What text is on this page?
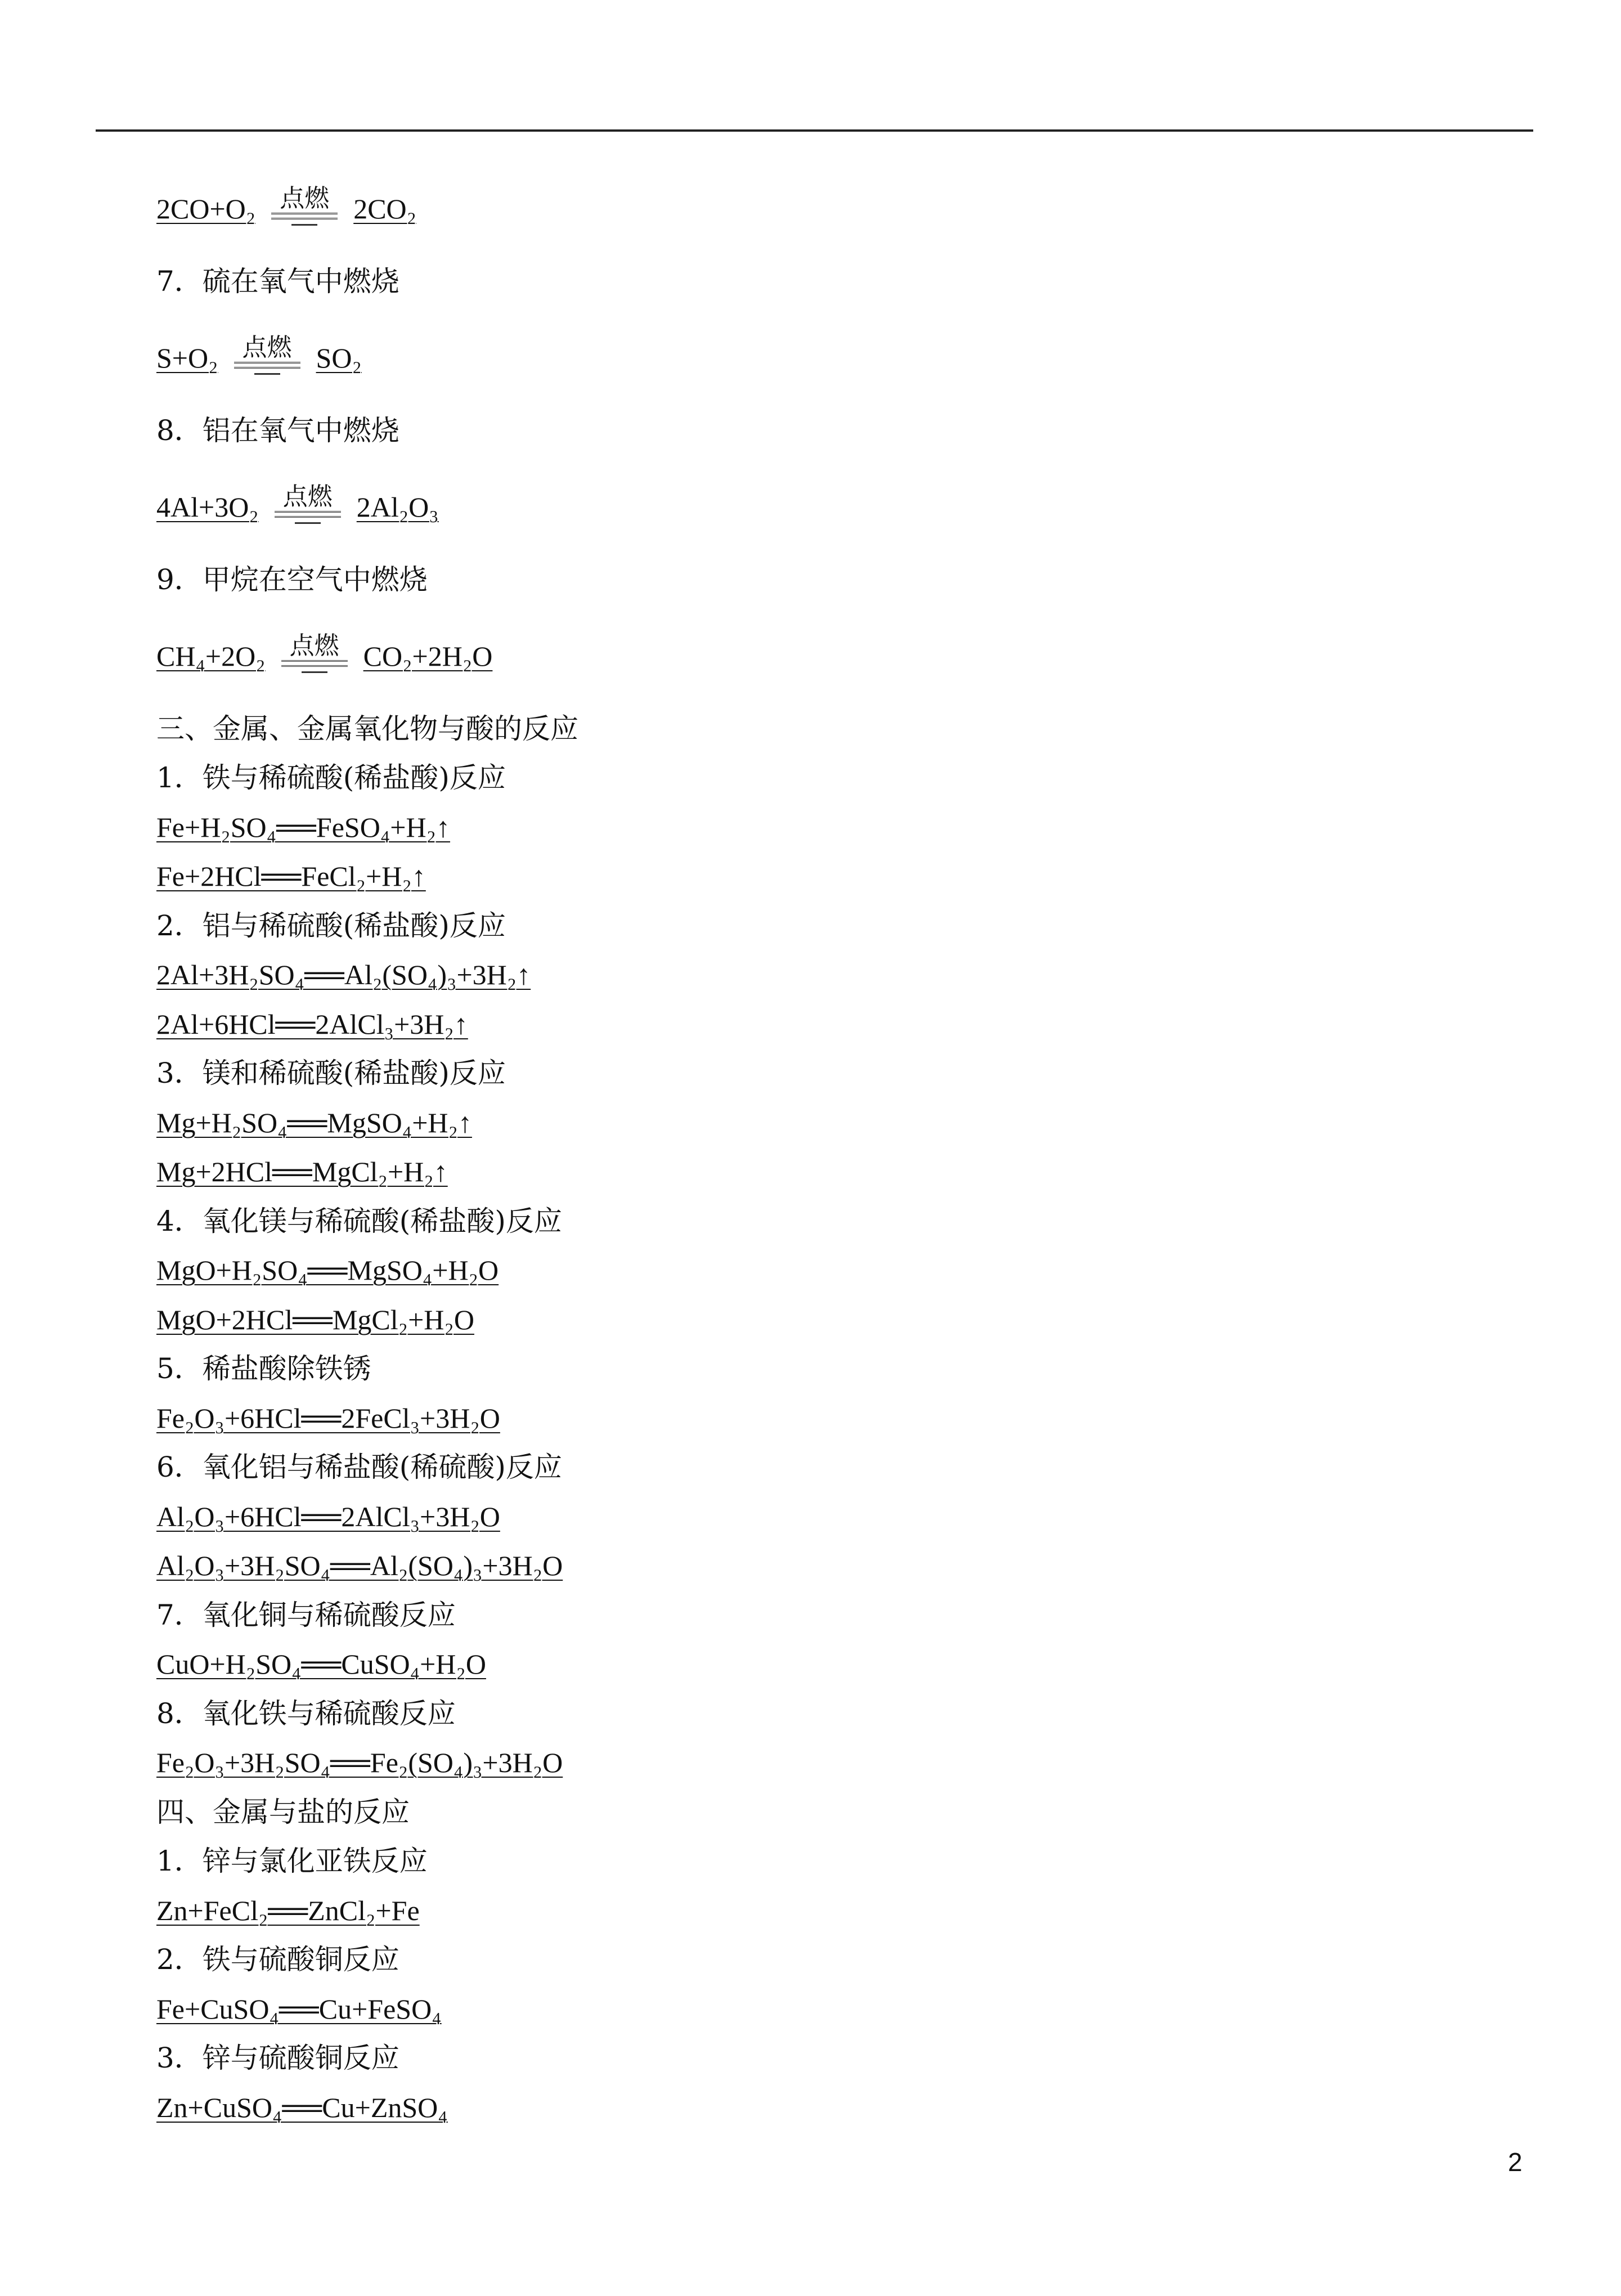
2CO+O₂ 点燃 2CO₂
7．硫在氧气中燃烧
S+O₂ 点燃 SO₂
8．铝在氧气中燃烧
4Al+3O₂ 点燃 2Al₂O₃
9．甲烷在空气中燃烧
CH₄+2O₂ 点燃 CO₂+2H₂O
三、金属、金属氧化物与酸的反应
1．铁与稀硫酸(稀盐酸)反应
Fe+H₂SO₄══FeSO₄+H₂↑
Fe+2HCl══FeCl₂+H₂↑
2．铝与稀硫酸(稀盐酸)反应
2Al+3H₂SO₄══Al₂(SO₄)₃+3H₂↑
2Al+6HCl══2AlCl₃+3H₂↑
3．镁和稀硫酸(稀盐酸)反应
Mg+H₂SO₄══MgSO₄+H₂↑
Mg+2HCl══MgCl₂+H₂↑
4．氧化镁与稀硫酸(稀盐酸)反应
MgO+H₂SO₄══MgSO₄+H₂O
MgO+2HCl══MgCl₂+H₂O
5．稀盐酸除铁锈
Fe₂O₃+6HCl══2FeCl₃+3H₂O
6．氧化铝与稀盐酸(稀硫酸)反应
Al₂O₃+6HCl══2AlCl₃+3H₂O
Al₂O₃+3H₂SO₄══Al₂(SO₄)₃+3H₂O
7．氧化铜与稀硫酸反应
CuO+H₂SO₄══CuSO₄+H₂O
8．氧化铁与稀硫酸反应
Fe₂O₃+3H₂SO₄══Fe₂(SO₄)₃+3H₂O
四、金属与盐的反应
1．锌与氯化亚铁反应
Zn+FeCl₂══ZnCl₂+Fe
2．铁与硫酸铜反应
Fe+CuSO₄══Cu+FeSO₄
3．锌与硫酸铜反应
Zn+CuSO₄══Cu+ZnSO₄
2
